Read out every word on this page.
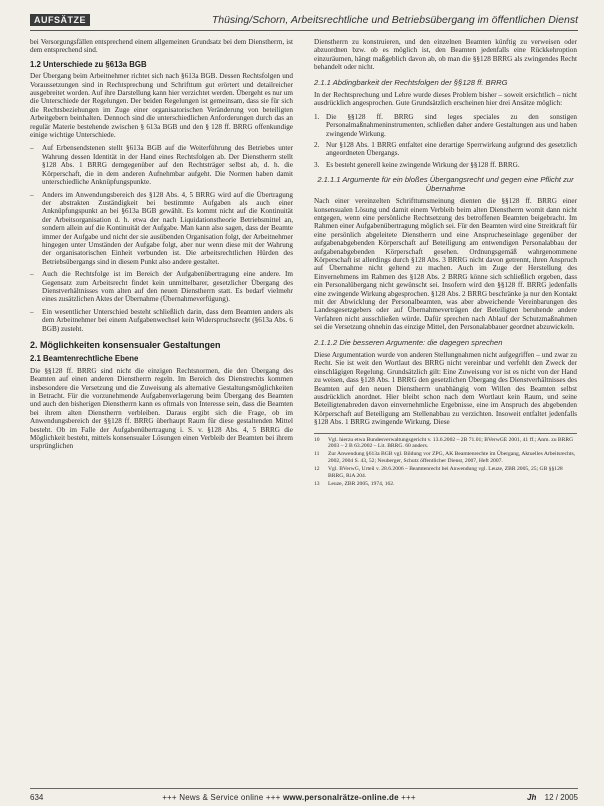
AUFSÄTZE	Thüsing/Schorn, Arbeitsrechtliche und Betriebsübergang im öffentlichen Dienst

bei Versorgungsfällen entsprechend einem allgemeinen Grundsatz bei dem Dienstherrn, ist dem entsprechend sind.

1.2 Unterschiede zu §613a BGB

Der Übergang beim Arbeitnehmer richtet sich nach §613a BGB. Dessen Rechtsfolgen und Voraussetzungen sind in Rechtsprechung und Schrifttum gut erörtert und detailreicher ausgebreitet worden. Auf ihre Darstellung kann hier verzichtet werden. Übergeht es nur um die Unterschiede der Regelungen. Der beiden Regelungen ist gemeinsam, dass sie für sich die Rechtsbeziehungen im Zuge einer organisatorischen Veränderung von beteiligten Arbeitgebern beinhalten. Dennoch sind die unterschiedlichen Anforderungen durch das an regulär Materie bestehende zwischen § 613a BGB und den § 128 ff. BRRG offenkundige einige wichtige Unterschiede.

– Auf Erbensendstenen stellt §613a BGB auf die Weiterführung des Betriebes unter Wahrung dessen Identität in der Hand eines Rechtsfolgen ab. Der Dienstherrn stellt §128 Abs. 1 BRRG demgegenüber auf den Rechtsträger selbst ab, d. h. die Körperschaft, die in dem anderen Aufnehmbar aufgeht. Die Normen haben damit unterschiedliche Anknüpfungspunkte.
– Anders im Anwendungsbereich des §128 Abs. 4, 5 BRRG wird auf die Übertragung der abstrakten Zuständigkeit bei bestimmte Aufgaben als auch einer Anknüpfungspunkt an bei §613a BGB gewählt. Es kommt nicht auf die Kontinuität der Arbeitsorganisation d. h. etwa der nach Liquidationstheorie Betriebsmittel an, sondern allein auf die Kontinuität der Aufgabe. Man kann also sagen, dass der Beamte immer der Aufgabe und nicht der sie ausübenden Organisation folgt, der Arbeitnehmer hingegen unter Umständen der Aufgabe folgt, aber nur wenn diese mit der Wahrung der organisatorischen Einheit verbunden ist. Die arbeitsrechtlichen Hürden des Betriebsübergangs sind in diesem Punkt also andere gestaltet.
– Auch die Rechtsfolge ist im Bereich der Aufgabenübertragung eine andere. Im Gegensatz zum Arbeitsrecht findet kein unmittelbarer, gesetzlicher Übergang des Dienstverhältnisses vom alten auf den neuen Dienstherrn statt. Es bedarf vielmehr eines zusätzlichen Aktes der Übernahme (Übernahmeverfügung).
– Ein wesentlicher Unterschied besteht schließlich darin, dass dem Beamten anders als dem Arbeitnehmer bei einem Aufgabenwechsel kein Widerspruchsrecht (§613a Abs. 6 BGB) zusteht.
2. Möglichkeiten konsensualer Gestaltungen
2.1 Beamtenrechtliche Ebene

Die §§128 ff. BRRG sind nicht die einzigen Rechtsnormen, die den Übergang des Beamten auf einen anderen Dienstherrn regeln. Im Bereich des Dienstrechts kommen insbesondere die Versetzung und die Zuweisung als alternative Gestaltungsmöglichkeiten in Betracht. Für die vorzunehmende Aufgabenverlagerung beim Übergang des Beamten und auch den bisherigen Dienstherrn kann es oftmals von Interesse sein, dass die Beamten bei ihrem alten Dienstherrn verbleiben. Daraus ergibt sich die Frage, ob im Anwendungsbereich der §§128 ff. BRRG überhaupt Raum für diese gestaltenden Mittel besteht. Ob im Falle der Aufgabenübertragung i. S. v. §128 Abs. 4, 5 BRRG die Möglichkeit besteht, mittels konsensualer Lösungen einen Verbleib der Beamten bei ihrem ursprünglichen

Dienstherrn zu konstruieren, und den einzelnen Beamten künftig zu verweisen oder abzuordnen bzw. ob es möglich ist, den Beamten jedenfalls eine Rückkehroption einzuräumen, hängt maßgeblich davon ab, ob man die §§128 BRRG als zwingendes Recht behandelt oder nicht.

2.1.1 Abdingbarkeit der Rechtsfolgen der §§128 ff. BRRG

In der Rechtsprechung und Lehre wurde dieses Problem bisher – soweit ersichtlich – nicht ausdrücklich angesprochen. Gute Grundsätzlich erscheinen hier drei Ansätze möglich:

1. Die §§128 ff. BRRG sind leges speciales zu den sonstigen Personalmaßnahmeninstrumenten, schließen daher andere Gestaltungen aus und haben zwingende Wirkung.
2. Nur §128 Abs. 1 BRRG entfaltet eine derartige Sperrwirkung aufgrund des gesetzlich angeordneten Übergangs.
3. Es besteht generell keine zwingende Wirkung der §§128 ff. BRRG.
2.1.1.1 Argumente für ein bloßes Übergangsrecht und gegen eine Pflicht zur Übernahme

Nach einer vereinzelten Schrifttumsmeinung dienten die §§128 ff. BRRG einer konsensualen Lösung und damit einem Verbleib beim alten Dienstherrn womit dann nicht entgegen, wenn eine persönliche Rechtsetzung des betroffenen Beamten beigebracht. Im Rahmen einer Aufgabenübertragung möglich sei. Für den Beamten wird eine Streitkraft für eine persönlich abgeleitete Dienstherrn und eine Ansprucheseinlage gegenüber der aufgabenabgebenden Körperschaft auf Beteiligung am entwendigen Personalabbau der aufgabenabgebenden Körperschaft gesehen. Ordnungsgemäß wahrgenommene Körperschaft ist allerdings durch §128 Abs. 3 BRRG nicht davon getrennt, ihren Anspruch auf Übernahme nicht geltend zu machen. Auch im Zuge der Herstellung des Einvernehmens im Rahmen des §128 Abs. 2 BRRG könne sich schließlich ergeben, dass ein Personalübergang nicht gewünscht sei. Insofern wird den §§128 ff. BRRG jedenfalls eine zwingende Wirkung abgesprochen. §128 Abs. 2 BRRG beschränke ja nur den Kontakt mit der Abwicklung der Personalbeamten, was aber abweichende Vereinbarungen des Landesgesetzgebers oder auf Übernahmeverträgen der Beteiligten beruhende andere Verfahren nicht ausschließen würde. Dafür sprechen nach Ablauf der Schutzmaßnahmen sei die Versetzung ohnehin das einzige Mittel, den Personalabbauer geordnet abzuwickeln.

2.1.1.2 Die besseren Argumente: die dagegen sprechen

Diese Argumentation wurde von anderen Stellungnahmen nicht aufgegriffen – und zwar zu Recht. Sie ist weit den Wortlaut des BRRG nicht vereinbar und verfehlt den Zweck der einschlägigen Regelung. Grundsätzlich gilt: Eine Zuweisung vor ist es nicht von der Hand zu weisen, dass §128 Abs. 1 BRRG den gesetzlichen Übergang des Dienstverhältnisses des Beamten auf den neuen Dienstherrn unabhängig vom Willen des Beamten selbst ausdrücklich anordnet. Hier bleibt schon nach dem Wortlaut kein Raum, und seine Beteiligtenabreden davon einvernehmliche Ergebnisse, eine im Anspruch des abgebenden Körperschaft auf Beteiligung am Stellenabbau zu verzichten. Insoweit entfaltet jedenfalls §128 Abs. 1 BRRG zwingende Wirkung. Diese

10	Vgl. hierzu etwa Bundesverwaltungsgericht v. 13.6.2002 – 2B 71.01; BVerwGE 2001, 41 ff.; Anm. zu BRRG 2003 – 2 B 63.2002 – Lit. BRRG. 60 anders.
11	Zur Anwendung §613a BGB vgl. Bildung vor ZPG, AK Beamtenrechte im Übergang, Aktuelles Arbeitsrechts, 2002, 2004 S. 43, 52; Neuberger, Schutz öffentlicher Dienst, 2007, Heft 2007.
12	Vgl. BVerwG, Urteil v. 28.6.2006 – Beamtenrecht bei Anwendung vgl. Leuze, ZBR 2005, 25; GB §§128 BRRG, RiA 204.
13	Leuze, ZBR 2005, 1974, 162.
634	+++ News & Service online +++ www.personalrätze-online.de +++	Jh 12 / 2005
